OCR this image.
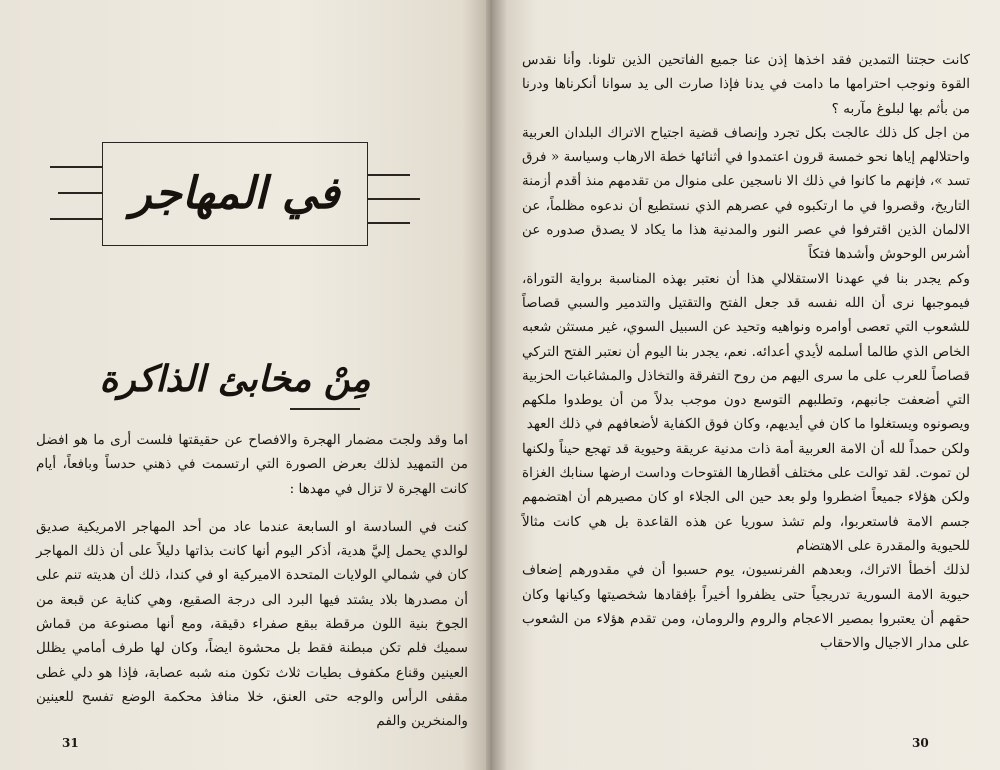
في المهاجر
مِنْ مخابئ الذاكرة

اما وقد ولجت مضمار الهجرة والافصاح عن حقيقتها فلست أرى ما هو افضل من التمهيد لذلك بعرض الصورة التي ارتسمت في ذهني حدساً وبافعاً، أيام كانت الهجرة لا تزال في مهدها :

كنت في السادسة او السابعة عندما عاد من أحد المهاجر الامريكية صديق لوالدي يحمل إليَّ هدية، أذكر اليوم أنها كانت بذاتها دليلاً على أن ذلك المهاجر كان في شمالي الولايات المتحدة الاميركية او في كندا، ذلك أن هديته تنم على أن مصدرها بلاد يشتد فيها البرد الى درجة الصقيع، وهي كناية عن قبعة من الجوخ بنية اللون مرقطة ببقع صفراء دقيقة، ومع أنها مصنوعة من قماش سميك فلم تكن مبطنة فقط بل محشوة ايضاً، وكان لها طرف أمامي يظلل العينين وقناع مكفوف بطيات ثلاث تكون منه شبه عصابة، فإذا هو دلي غطى مقفى الرأس والوجه حتى العنق، خلا منافذ محكمة الوضع تفسح للعينين والمنخرين والفم

31

كانت حجتنا التمدين فقد اخذها إذن عنا جميع الفاتحين الذين تلونا. وأنا نقدس القوة ونوجب احترامها ما دامت في يدنا فإذا صارت الى يد سوانا أنكرناها ودرنا من بأثم بها لبلوغ مآربه ؟

من اجل كل ذلك عالجت بكل تجرد وإنصاف قضية اجتياح الاتراك البلدان العربية واحتلالهم إياها نحو خمسة قرون اعتمدوا في أثنائها خطة الارهاب وسياسة « فرق تسد »، فإنهم ما كانوا في ذلك الا ناسجين على منوال من تقدمهم منذ أقدم أزمنة التاريخ، وقصروا في ما ارتكبوه في عصرهم الذي نستطيع أن ندعوه مظلماً، عن الالمان الذين اقترفوا في عصر النور والمدنية هذا ما يكاد لا يصدق صدوره عن أشرس الوحوش وأشدها فتكاً

وكم يجدر بنا في عهدنا الاستقلالي هذا أن نعتبر بهذه المناسبة برواية التوراة، فيموجبها نرى أن الله نفسه قد جعل الفتح والتقتيل والتدمير والسبي قصاصاً للشعوب التي تعصى أوامره ونواهيه وتحيد عن السبيل السوي، غير مستثن شعبه الخاص الذي طالما أسلمه لأيدي أعدائه. نعم، يجدر بنا اليوم أن نعتبر الفتح التركي قصاصاً للعرب على ما سرى اليهم من روح التفرقة والتخاذل والمشاغبات الحزبية التي أضعفت جانبهم، وتطلبهم التوسع دون موجب بدلاً من أن يوطدوا ملكهم ويصونوه ويستغلوا ما كان في أيديهم، وكان فوق الكفاية لأضعافهم في ذلك العهد

ولكن حمداً لله أن الامة العربية أمة ذات مدنية عريقة وحيوية قد تهجع حيناً ولكنها لن تموت. لقد توالت على مختلف أقطارها الفتوحات وداست ارضها سنابك الغزاة ولكن هؤلاء جميعاً اضطروا ولو بعد حين الى الجلاء او كان مصيرهم أن اهتضمهم جسم الامة فاستعربوا، ولم تشذ سوريا عن هذه القاعدة بل هي كانت مثالاً للحيوية والمقدرة على الاهتضام

لذلك أخطأ الاتراك، وبعدهم الفرنسيون، يوم حسبوا أن في مقدورهم إضعاف حيوية الامة السورية تدريجياً حتى يظفروا أخيراً بإفقادها شخصيتها وكيانها وكان حقهم أن يعتبروا بمصير الاعجام والروم والرومان، ومن تقدم هؤلاء من الشعوب على مدار الاجيال والاحقاب

30
